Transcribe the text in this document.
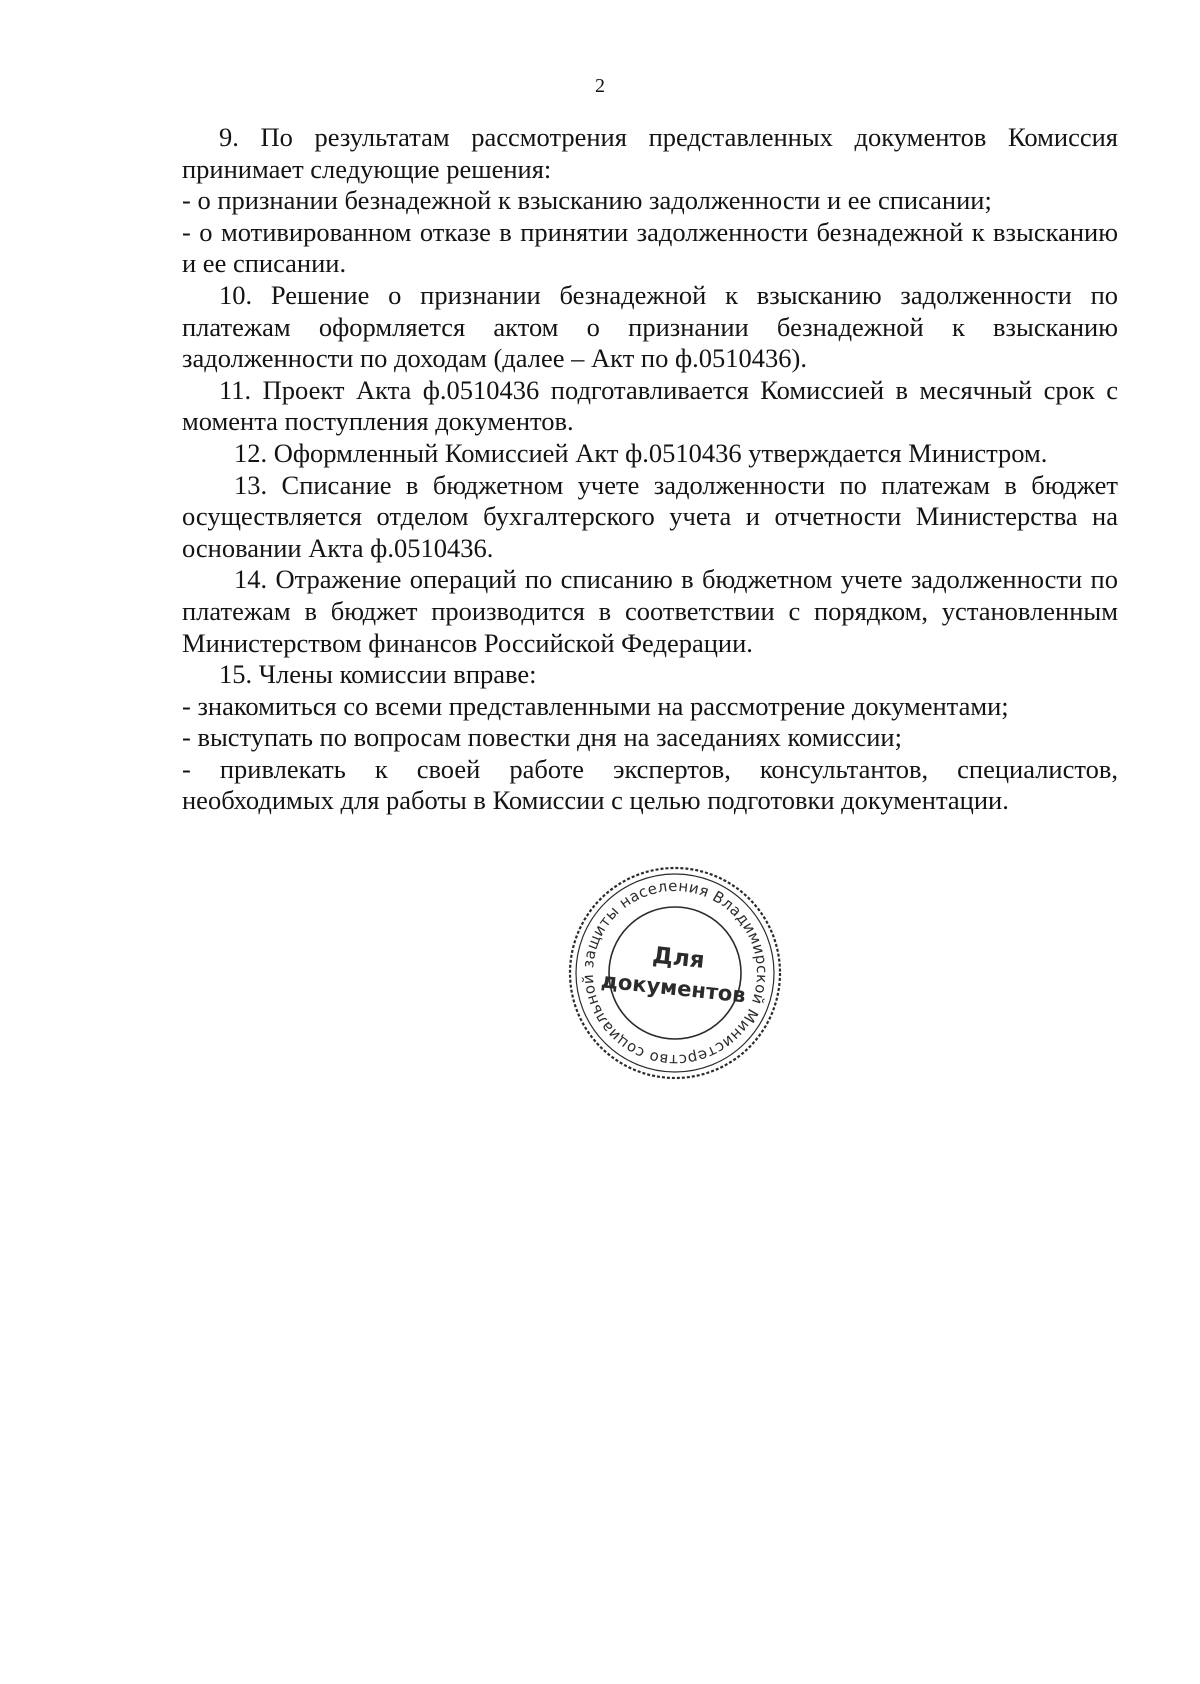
2

9. По результатам рассмотрения представленных документов Комиссия принимает следующие решения:

- о признании безнадежной к взысканию задолженности и ее списании;

- о мотивированном отказе в принятии задолженности безнадежной к взысканию и ее списании.

10. Решение о признании безнадежной к взысканию задолженности по платежам оформляется актом о признании безнадежной к взысканию задолженности по доходам (далее – Акт по ф.0510436).

11. Проект Акта ф.0510436 подготавливается Комиссией в месячный срок с момента поступления документов.

12. Оформленный Комиссией Акт ф.0510436 утверждается Министром.

13. Списание в бюджетном учете задолженности по платежам в бюджет осуществляется отделом бухгалтерского учета и отчетности Министерства на основании Акта ф.0510436.

14. Отражение операций по списанию в бюджетном учете задолженности по платежам в бюджет производится в соответствии с порядком, установленным Министерством финансов Российской Федерации.

15. Члены комиссии вправе:

- знакомиться со всеми представленными на рассмотрение документами;

- выступать по вопросам повестки дня на заседаниях комиссии;

- привлекать к своей работе экспертов, консультантов, специалистов, необходимых для работы в Комиссии с целью подготовки документации.

Министерство социальной защиты населения Владимирской
Для
документов
